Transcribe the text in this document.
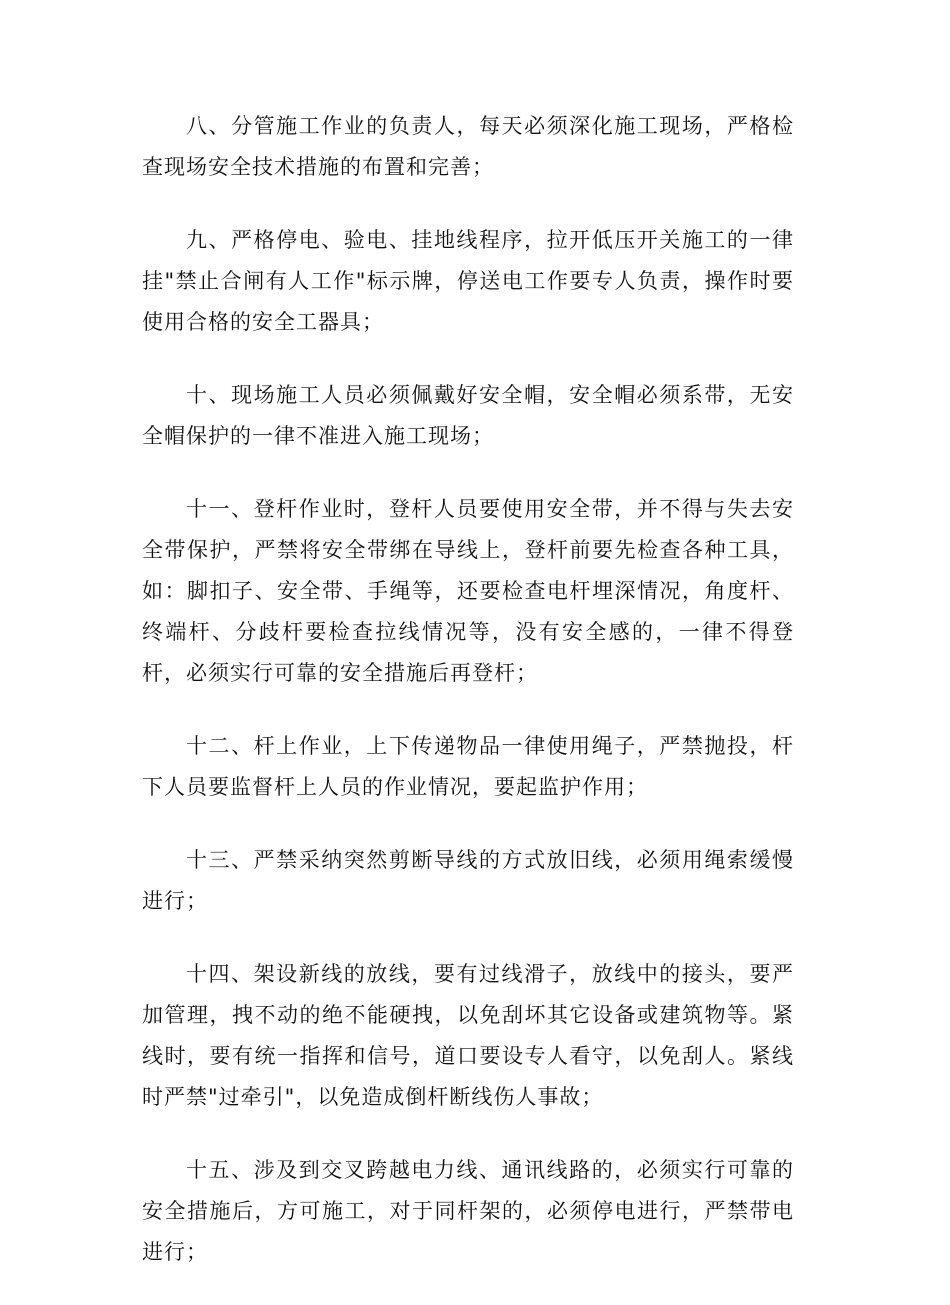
八、分管施工作业的负责人，每天必须深化施工现场，严格检查现场安全技术措施的布置和完善；

九、严格停电、验电、挂地线程序，拉开低压开关施工的一律挂"禁止合闸有人工作"标示牌，停送电工作要专人负责，操作时要使用合格的安全工器具；

十、现场施工人员必须佩戴好安全帽，安全帽必须系带，无安全帽保护的一律不准进入施工现场；

十一、登杆作业时，登杆人员要使用安全带，并不得与失去安全带保护，严禁将安全带绑在导线上，登杆前要先检查各种工具，如：脚扣子、安全带、手绳等，还要检查电杆埋深情况，角度杆、终端杆、分歧杆要检查拉线情况等，没有安全感的，一律不得登杆，必须实行可靠的安全措施后再登杆；

十二、杆上作业，上下传递物品一律使用绳子，严禁抛投，杆下人员要监督杆上人员的作业情况，要起监护作用；

十三、严禁采纳突然剪断导线的方式放旧线，必须用绳索缓慢进行；

十四、架设新线的放线，要有过线滑子，放线中的接头，要严加管理，拽不动的绝不能硬拽，以免刮坏其它设备或建筑物等。紧线时，要有统一指挥和信号，道口要设专人看守，以免刮人。紧线时严禁"过牵引"，以免造成倒杆断线伤人事故；

十五、涉及到交叉跨越电力线、通讯线路的，必须实行可靠的安全措施后，方可施工，对于同杆架的，必须停电进行，严禁带电进行；
